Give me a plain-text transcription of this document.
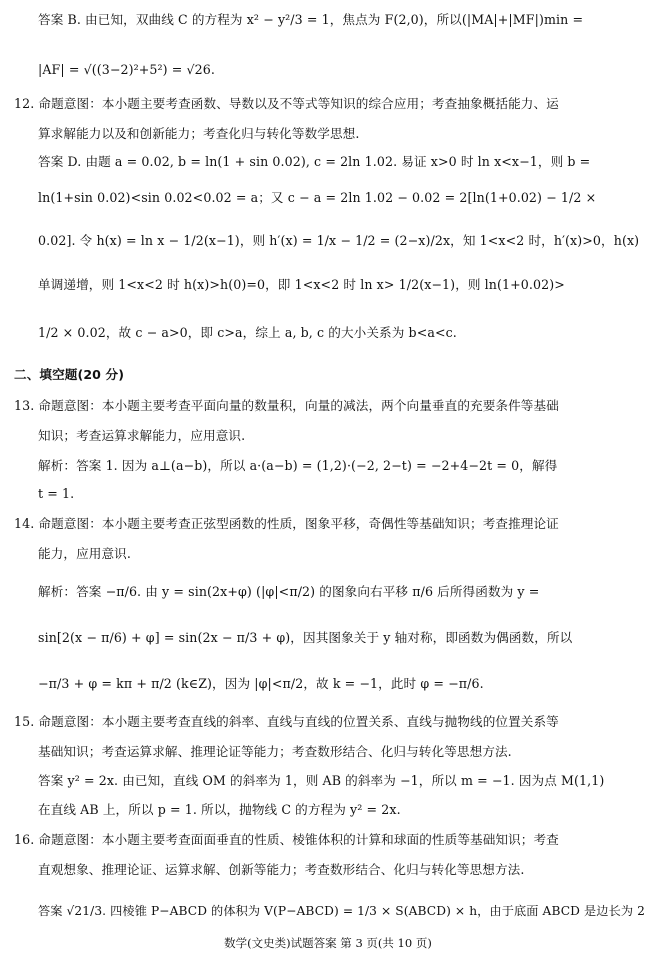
答案 B. 由已知，双曲线 C 的方程为 x² − y²/3 = 1，焦点为 F(2,0)，所以(|MA|+|MF|)min =
|AF| = √((3−2)²+5²) = √26.
12. 命题意图：本小题主要考查函数、导数以及不等式等知识的综合应用；考查抽象概括能力、运
算求解能力以及和创新能力；考查化归与转化等数学思想.
答案 D. 由题 a = 0.02, b = ln(1 + sin 0.02), c = 2ln 1.02. 易证 x>0 时 ln x<x−1，则 b =
ln(1+sin 0.02)<sin 0.02<0.02 = a；又 c − a = 2ln 1.02 − 0.02 = 2[ln(1+0.02) − 1/2 ×
0.02]. 令 h(x) = ln x − 1/2(x−1)，则 h′(x) = 1/x − 1/2 = (2−x)/2x，知 1<x<2 时，h′(x)>0，h(x)
单调递增，则 1<x<2 时 h(x)>h(0)=0，即 1<x<2 时 ln x> 1/2(x−1)，则 ln(1+0.02)>
1/2 × 0.02，故 c − a>0，即 c>a，综上 a, b, c 的大小关系为 b<a<c.
二、填空题(20 分)
13. 命题意图：本小题主要考查平面向量的数量积，向量的减法，两个向量垂直的充要条件等基础
知识；考查运算求解能力，应用意识.
解析：答案 1. 因为 a⊥(a−b)，所以 a·(a−b) = (1,2)·(−2, 2−t) = −2+4−2t = 0，解得
t = 1.
14. 命题意图：本小题主要考查正弦型函数的性质，图象平移，奇偶性等基础知识；考查推理论证
能力，应用意识.
解析：答案 −π/6. 由 y = sin(2x+φ) (|φ|<π/2) 的图象向右平移 π/6 后所得函数为 y =
sin[2(x − π/6) + φ] = sin(2x − π/3 + φ)，因其图象关于 y 轴对称，即函数为偶函数，所以
−π/3 + φ = kπ + π/2 (k∈Z)，因为 |φ|<π/2，故 k = −1，此时 φ = −π/6.
15. 命题意图：本小题主要考查直线的斜率、直线与直线的位置关系、直线与抛物线的位置关系等
基础知识；考查运算求解、推理论证等能力；考查数形结合、化归与转化等思想方法.
答案 y² = 2x. 由已知，直线 OM 的斜率为 1，则 AB 的斜率为 −1，所以 m = −1. 因为点 M(1,1)
在直线 AB 上，所以 p = 1. 所以，抛物线 C 的方程为 y² = 2x.
16. 命题意图：本小题主要考查面面垂直的性质、棱锥体积的计算和球面的性质等基础知识；考查
直观想象、推理论证、运算求解、创新等能力；考查数形结合、化归与转化等思想方法.
答案 √21/3. 四棱锥 P−ABCD 的体积为 V(P−ABCD) = 1/3 × S(ABCD) × h，由于底面 ABCD 是边长为 2
数学(文史类)试题答案 第 3 页(共 10 页)
